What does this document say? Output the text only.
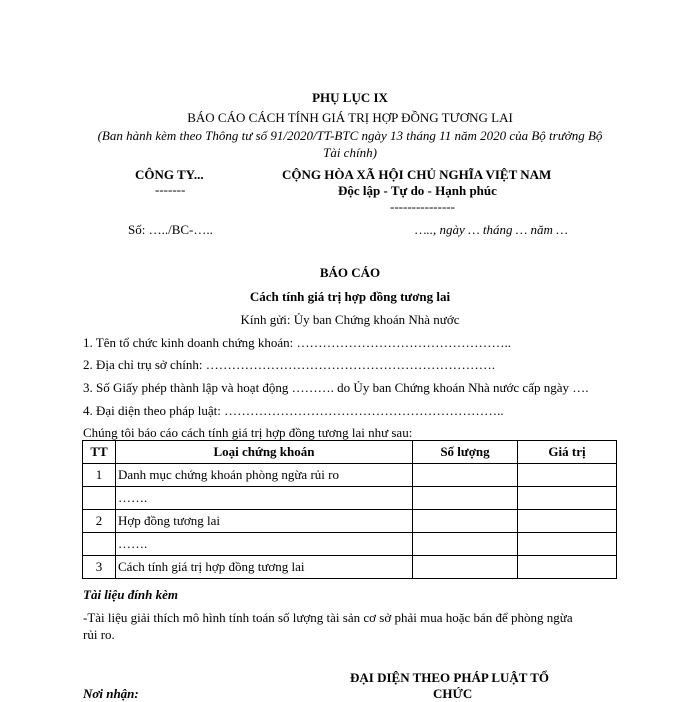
PHỤ LỤC IX
BÁO CÁO CÁCH TÍNH GIÁ TRỊ HỢP ĐỒNG TƯƠNG LAI
(Ban hành kèm theo Thông tư số 91/2020/TT-BTC ngày 13 tháng 11 năm 2020 của Bộ trưởng Bộ
Tài chính)
CÔNG TY...
-------
Số: …../BC-…..
CỘNG HÒA XÃ HỘI CHỦ NGHĨA VIỆT NAM
Độc lập - Tự do - Hạnh phúc
---------------
….., ngày … tháng … năm …
BÁO CÁO
Cách tính giá trị hợp đồng tương lai
Kính gửi: Ủy ban Chứng khoán Nhà nước
1. Tên tổ chức kinh doanh chứng khoán: …………………………………………..
2. Địa chỉ trụ sở chính: ………………………………………………………….
3. Số Giấy phép thành lập và hoạt động ………. do Ủy ban Chứng khoán Nhà nước cấp ngày ….
4. Đại diện theo pháp luật: ………………………………………………………..
Chúng tôi báo cáo cách tính giá trị hợp đồng tương lai như sau:
TT	Loại chứng khoán	Số lượng	Giá trị
1	Danh mục chứng khoán phòng ngừa rủi ro		
	…….		
2	Hợp đồng tương lai		
	…….		
3	Cách tính giá trị hợp đồng tương lai		
Tài liệu đính kèm
-Tài liệu giải thích mô hình tính toán số lượng tài sản cơ sở phải mua hoặc bán để phòng ngừa
rủi ro.
ĐẠI DIỆN THEO PHÁP LUẬT TỔ
CHỨC
Nơi nhận:
